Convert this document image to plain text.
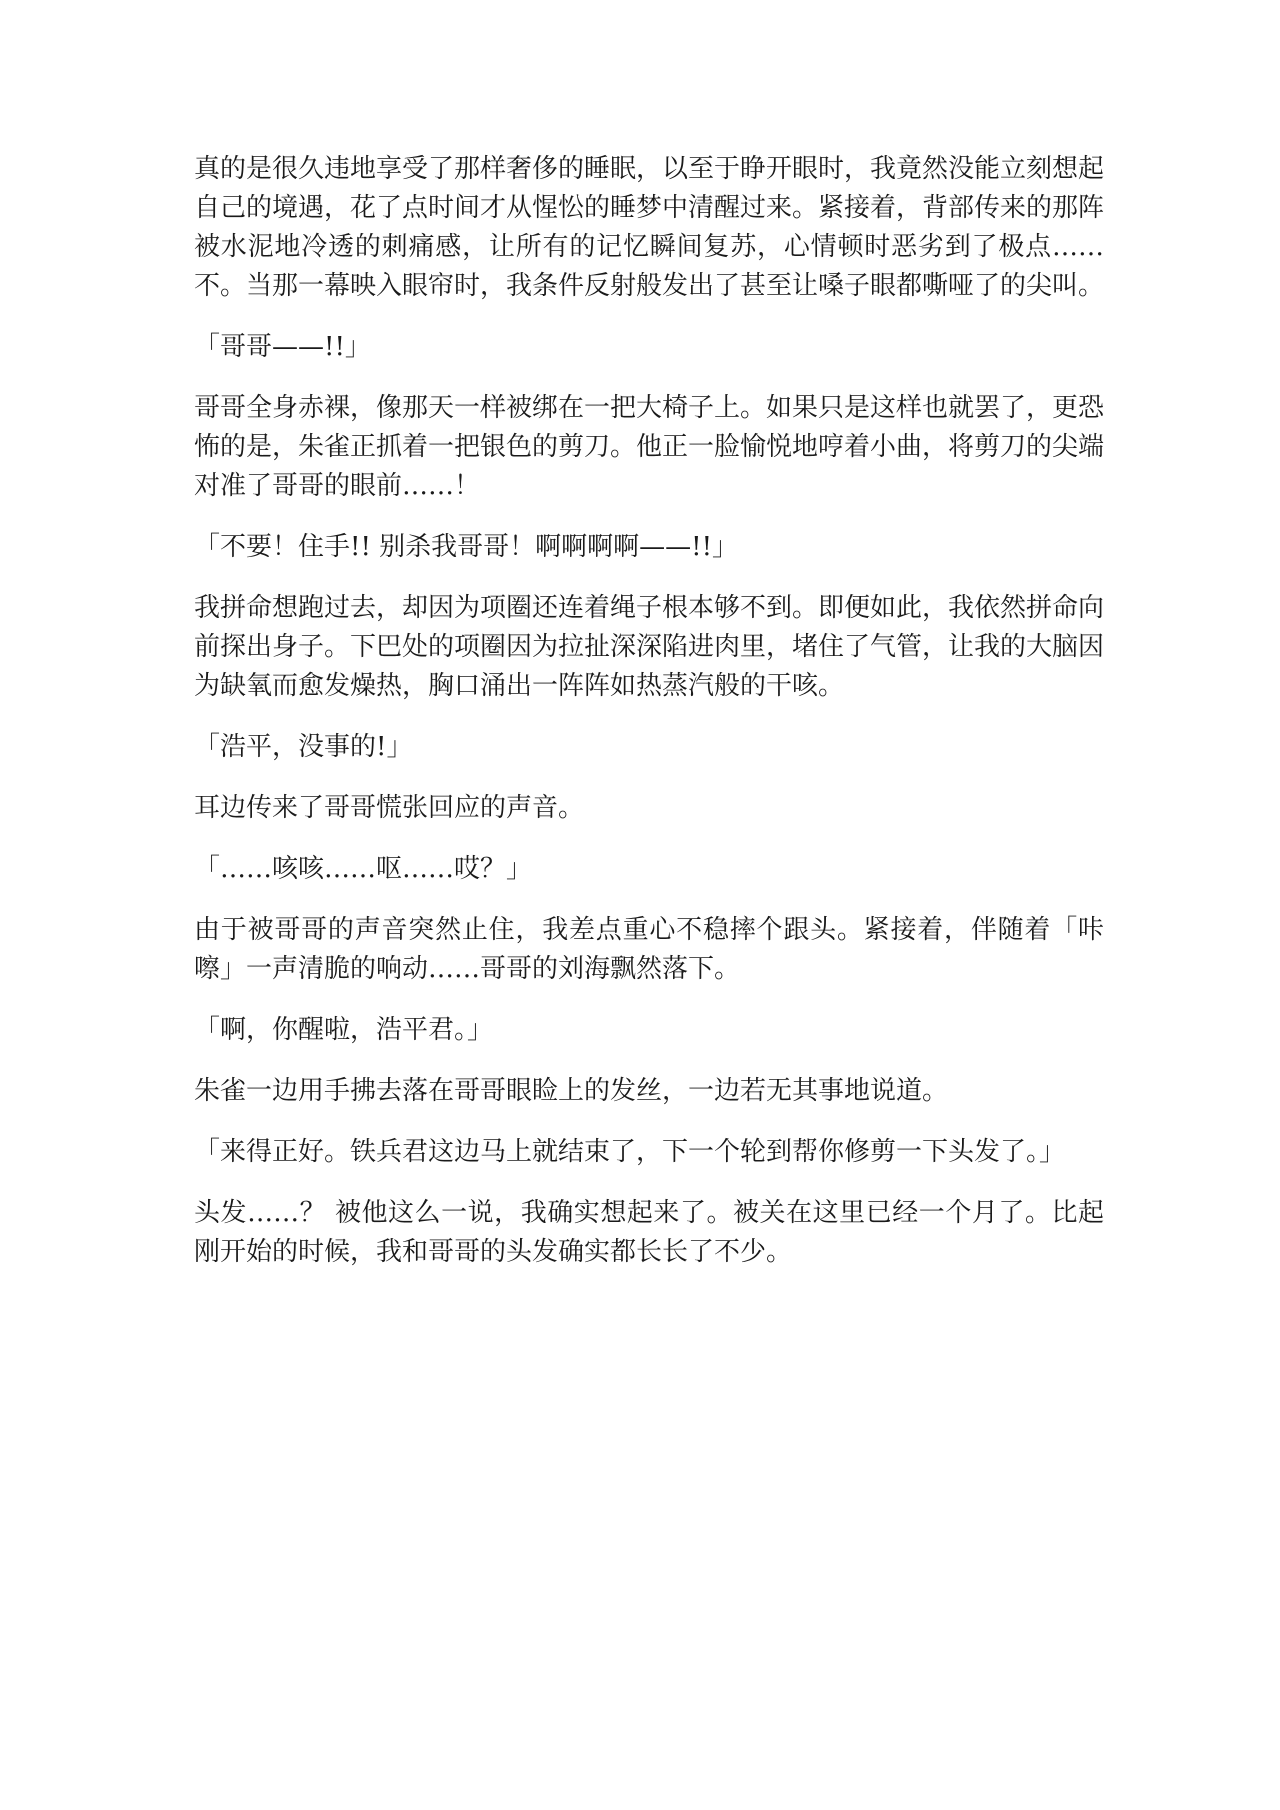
真的是很久违地享受了那样奢侈的睡眠，以至于睁开眼时，我竟然没能立刻想起自己的境遇，花了点时间才从惺忪的睡梦中清醒过来。紧接着，背部传来的那阵被水泥地冷透的刺痛感，让所有的记忆瞬间复苏，心情顿时恶劣到了极点……不。当那一幕映入眼帘时，我条件反射般发出了甚至让嗓子眼都嘶哑了的尖叫。

「哥哥——!!」

哥哥全身赤裸，像那天一样被绑在一把大椅子上。如果只是这样也就罢了，更恐怖的是，朱雀正抓着一把银色的剪刀。他正一脸愉悦地哼着小曲，将剪刀的尖端对准了哥哥的眼前……！

「不要！住手!! 别杀我哥哥！啊啊啊啊——!!」

我拼命想跑过去，却因为项圈还连着绳子根本够不到。即便如此，我依然拼命向前探出身子。下巴处的项圈因为拉扯深深陷进肉里，堵住了气管，让我的大脑因为缺氧而愈发燥热，胸口涌出一阵阵如热蒸汽般的干咳。

「浩平，没事的!」

耳边传来了哥哥慌张回应的声音。

「……咳咳……呕……哎？」

由于被哥哥的声音突然止住，我差点重心不稳摔个跟头。紧接着，伴随着「咔嚓」一声清脆的响动……哥哥的刘海飘然落下。

「啊，你醒啦，浩平君。」

朱雀一边用手拂去落在哥哥眼睑上的发丝，一边若无其事地说道。

「来得正好。铁兵君这边马上就结束了，下一个轮到帮你修剪一下头发了。」

头发……？ 被他这么一说，我确实想起来了。被关在这里已经一个月了。比起刚开始的时候，我和哥哥的头发确实都长长了不少。
